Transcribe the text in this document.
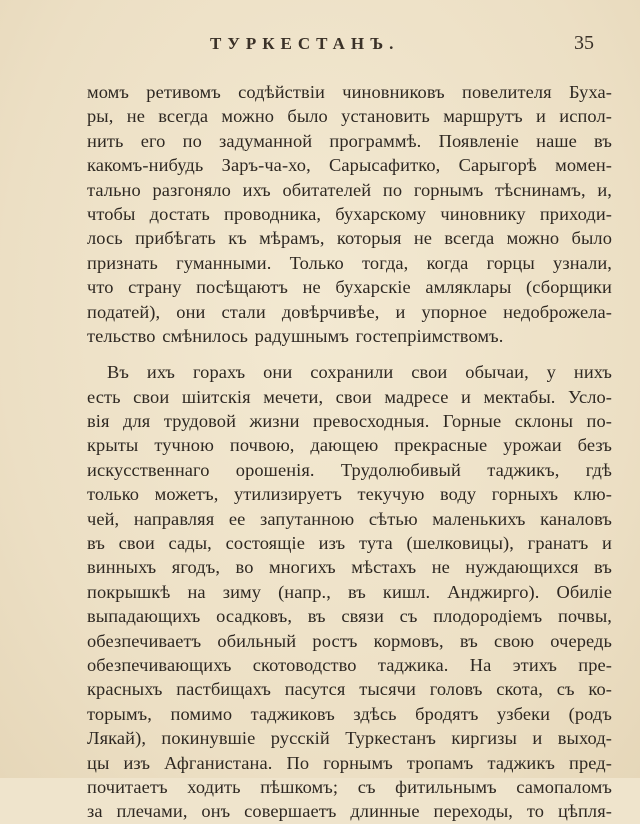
ТУРКЕСТАНЪ.	35
момъ ретивомъ содѣйствіи чиновниковъ повелителя Буха-
ры, не всегда можно было установить маршрутъ и испол-
нить его по задуманной программѣ. Появленіе наше въ
какомъ-нибудь Заръ-ча-хо, Сарысафитко, Сарыгорѣ момен-
тально разгоняло ихъ обитателей по горнымъ тѣснинамъ, и,
чтобы достать проводника, бухарскому чиновнику приходи-
лось прибѣгать къ мѣрамъ, которыя не всегда можно было
признать гуманными. Только тогда, когда горцы узнали,
что страну посѣщаютъ не бухарскіе амляклары (сборщики
податей), они стали довѣрчивѣе, и упорное недоброжела-
тельство смѣнилось радушнымъ гостепріимствомъ.
Въ ихъ горахъ они сохранили свои обычаи, у нихъ
есть свои шіитскія мечети, свои мадресе и мектабы. Усло-
вія для трудовой жизни превосходныя. Горные склоны по-
крыты тучною почвою, дающею прекрасные урожаи безъ
искусственнаго орошенія. Трудолюбивый таджикъ, гдѣ
только можетъ, утилизируетъ текучую воду горныхъ клю-
чей, направляя ее запутанною сѣтью маленькихъ каналовъ
въ свои сады, состоящіе изъ тута (шелковицы), гранатъ и
винныхъ ягодъ, во многихъ мѣстахъ не нуждающихся въ
покрышкѣ на зиму (напр., въ кишл. Анджирго). Обиліе
выпадающихъ осадковъ, въ связи съ плодородіемъ почвы,
обезпечиваетъ обильный ростъ кормовъ, въ свою очередь
обезпечивающихъ скотоводство таджика. На этихъ пре-
красныхъ пастбищахъ пасутся тысячи головъ скота, съ ко-
торымъ, помимо таджиковъ здѣсь бродятъ узбеки (родъ
Лякай), покинувшіе русскій Туркестанъ киргизы и выход-
цы изъ Афганистана. По горнымъ тропамъ таджикъ пред-
почитаетъ ходить пѣшкомъ; съ фитильнымъ самопаломъ
за плечами, онъ совершаетъ длинные переходы, то цѣпля-
